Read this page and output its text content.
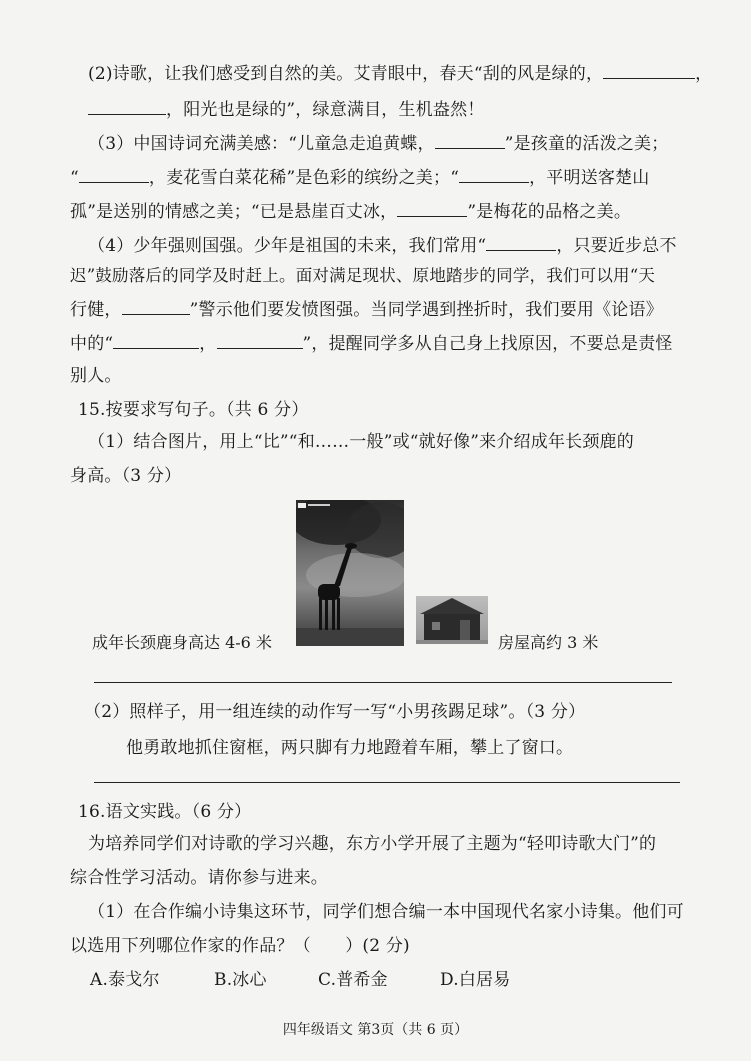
(2)诗歌，让我们感受到自然的美。艾青眼中，春天“刮的风是绿的，	，
，阳光也是绿的”，绿意满目，生机盎然！
（3）中国诗词充满美感：“儿童急走追黄蝶，	”是孩童的活泼之美；
“	，麦花雪白菜花稀”是色彩的缤纷之美；“	，平明送客楚山
孤”是送别的情感之美；“已是悬崖百丈冰，	”是梅花的品格之美。
（4）少年强则国强。少年是祖国的未来，我们常用“	，只要近步总不
迟”鼓励落后的同学及时赶上。面对满足现状、原地踏步的同学，我们可以用“天
行健，	”警示他们要发愤图强。当同学遇到挫折时，我们要用《论语》
中的“	，	”，提醒同学多从自己身上找原因，不要总是责怪
别人。
15.按要求写句子。（共 6 分）
（1）结合图片，用上“比”“和……一般”或“就好像”来介绍成年长颈鹿的
身高。（3 分）
成年长颈鹿身高达 4-6 米	房屋高约 3 米
（2）照样子，用一组连续的动作写一写“小男孩踢足球”。（3 分）
他勇敢地抓住窗框，两只脚有力地蹬着车厢，攀上了窗口。
16.语文实践。（6 分）
为培养同学们对诗歌的学习兴趣，东方小学开展了主题为“轻叩诗歌大门”的
综合性学习活动。请你参与进来。
（1）在合作编小诗集这环节，同学们想合编一本中国现代名家小诗集。他们可
以选用下列哪位作家的作品？（　　）(2 分)
A.泰戈尔	B.冰心	C.普希金	D.白居易
四年级语文 第3页（共 6 页）
